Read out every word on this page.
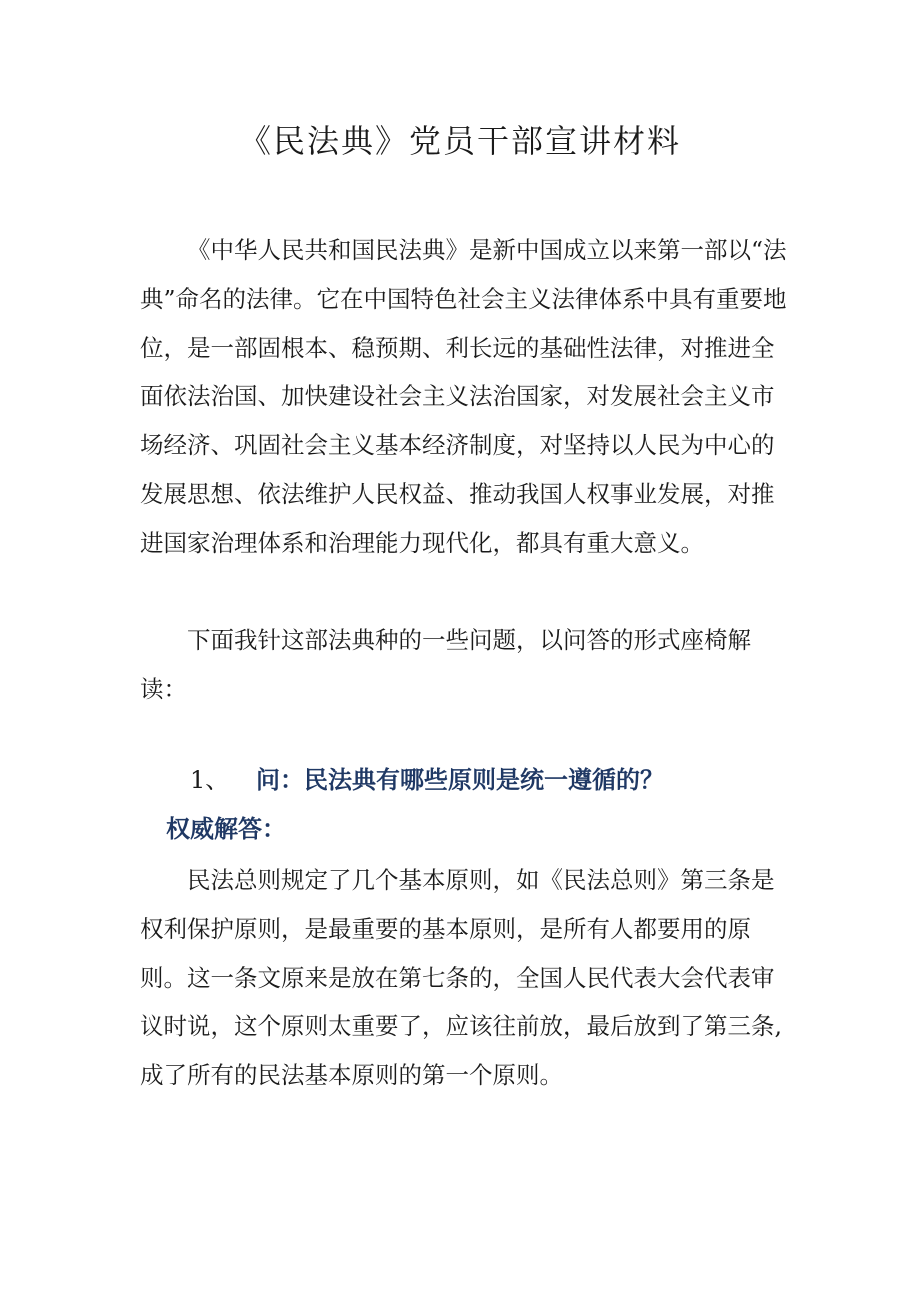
《民法典》党员干部宣讲材料

《中华人民共和国民法典》是新中国成立以来第一部以“法典”命名的法律。它在中国特色社会主义法律体系中具有重要地位，是一部固根本、稳预期、利长远的基础性法律，对推进全面依法治国、加快建设社会主义法治国家，对发展社会主义市场经济、巩固社会主义基本经济制度，对坚持以人民为中心的发展思想、依法维护人民权益、推动我国人权事业发展，对推进国家治理体系和治理能力现代化，都具有重大意义。

下面我针这部法典种的一些问题，以问答的形式座椅解读：

1、 问：民法典有哪些原则是统一遵循的？
权威解答：

民法总则规定了几个基本原则，如《民法总则》第三条是权利保护原则，是最重要的基本原则，是所有人都要用的原则。这一条文原来是放在第七条的，全国人民代表大会代表审议时说，这个原则太重要了，应该往前放，最后放到了第三条,成了所有的民法基本原则的第一个原则。
